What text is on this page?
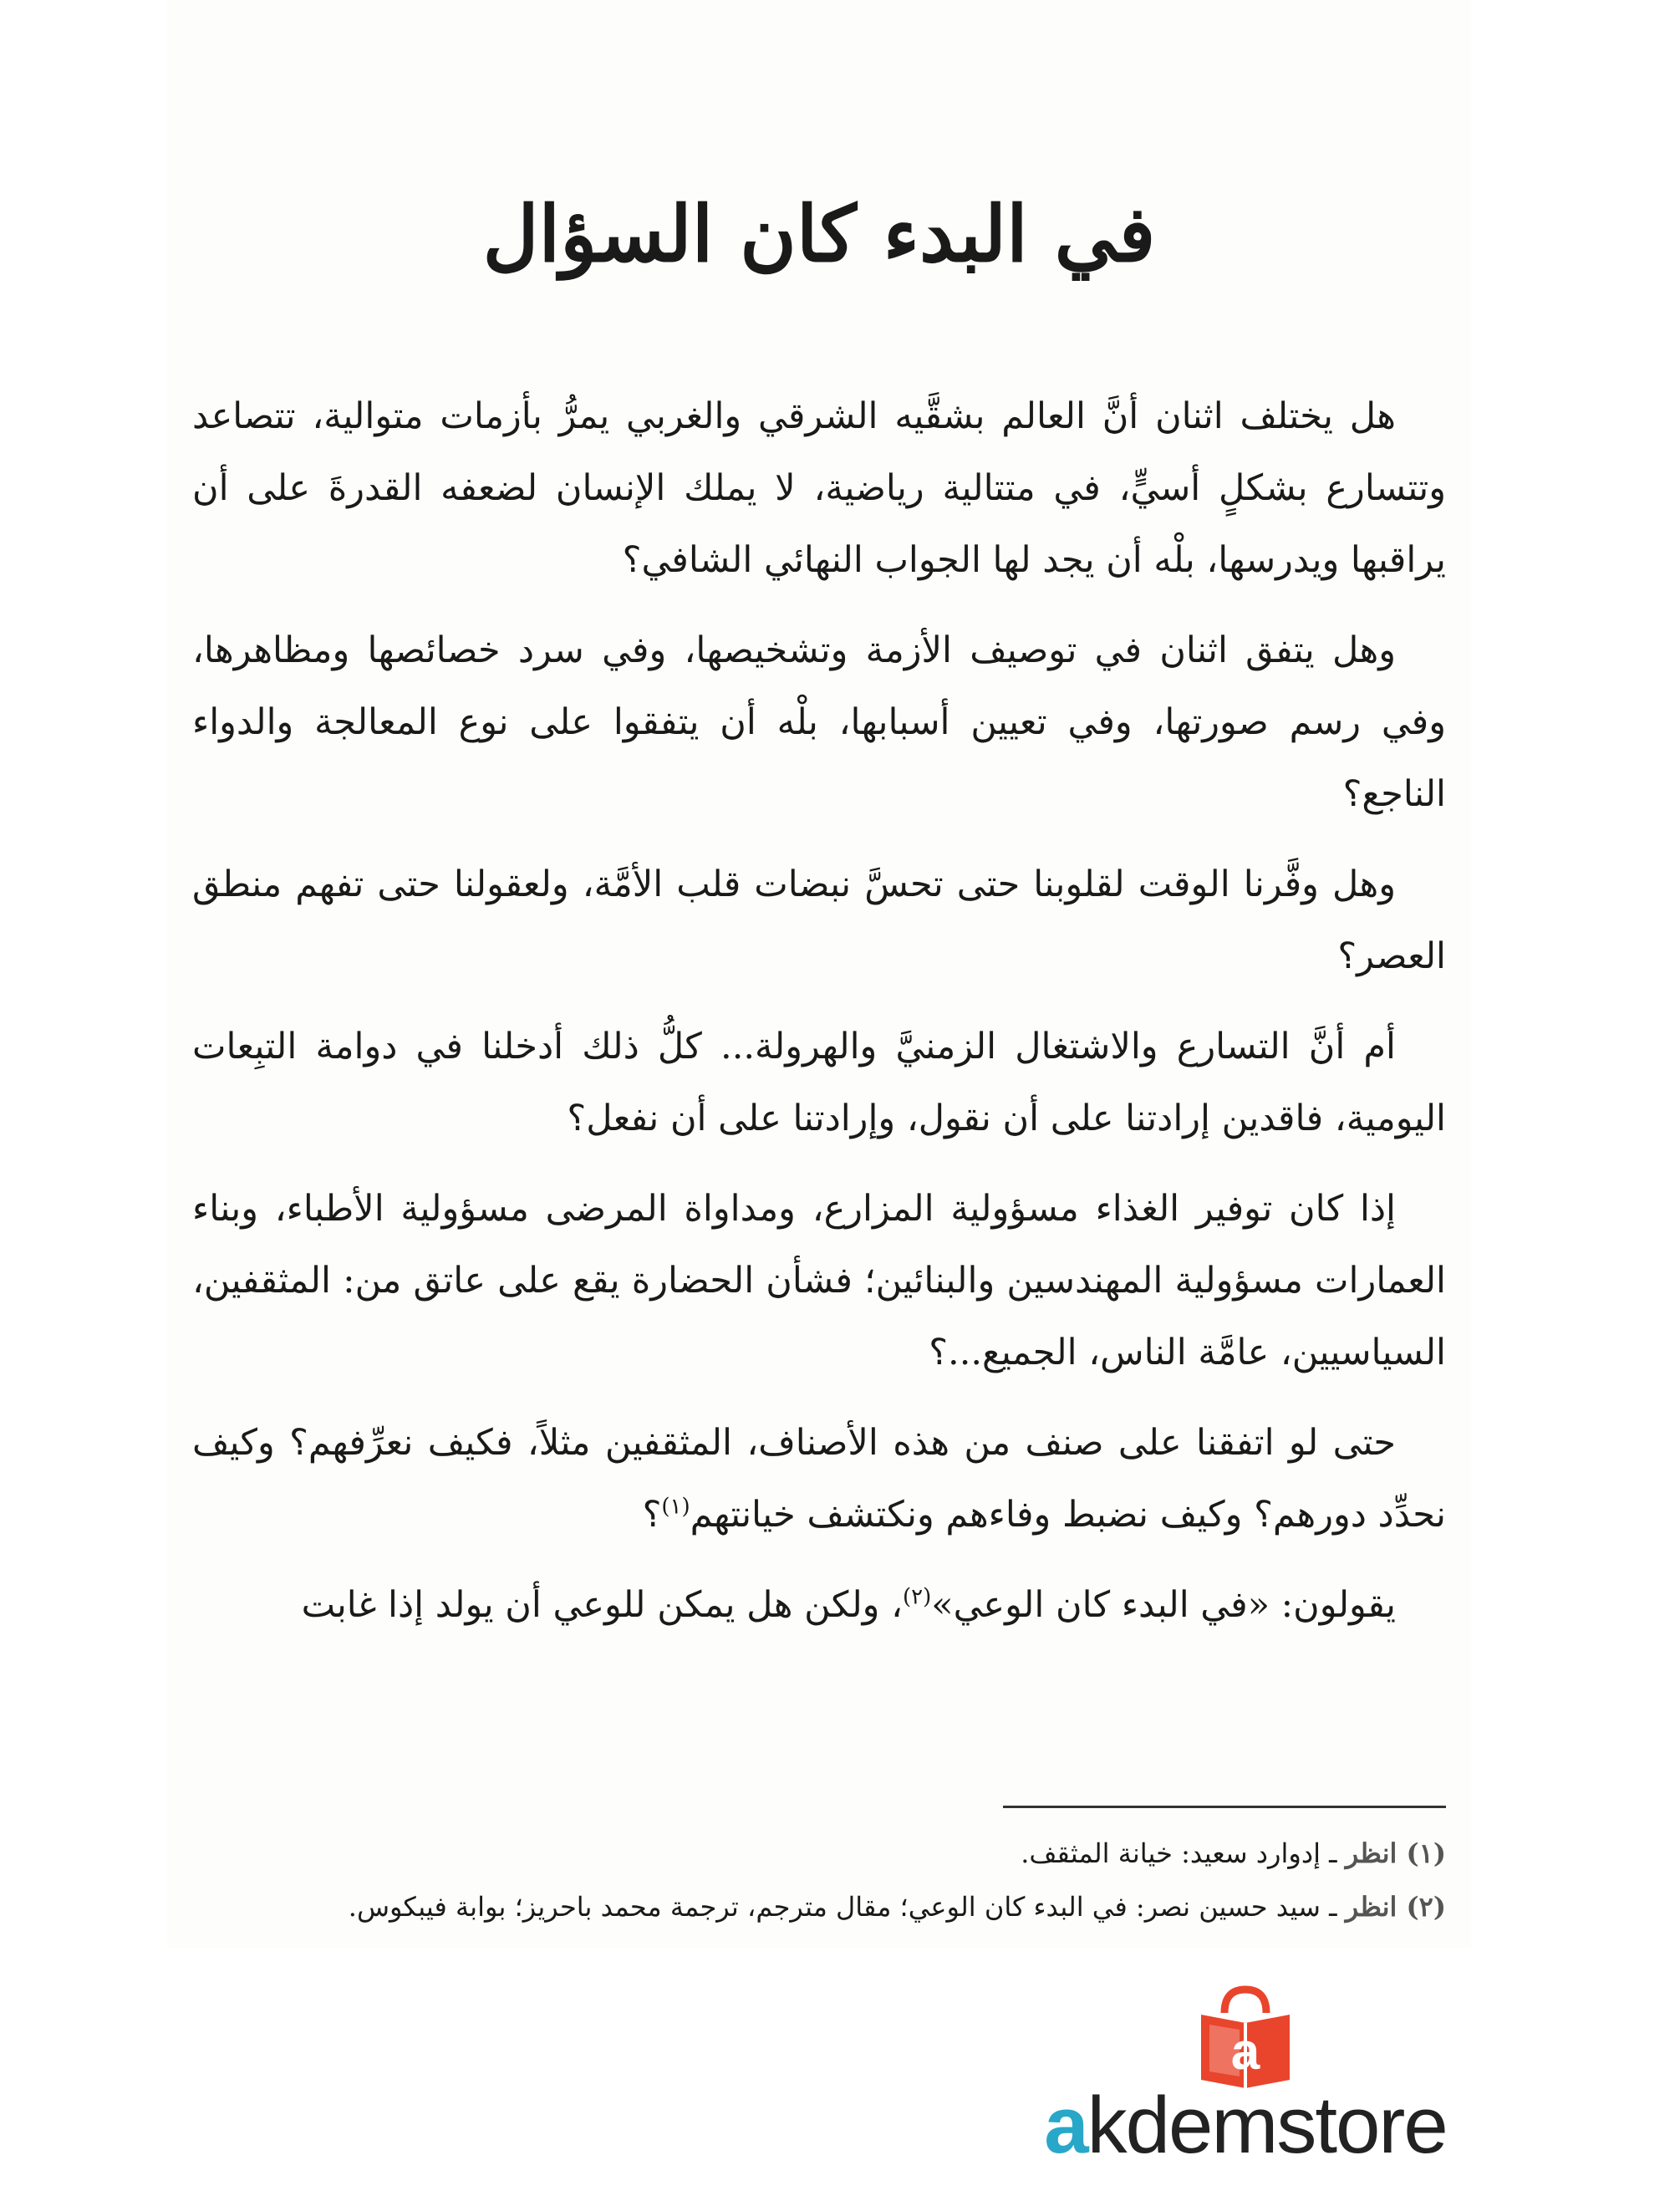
في البدء كان السؤال

هل يختلف اثنان أنَّ العالم بشقَّيه الشرقي والغربي يمرُّ بأزمات متوالية، تتصاعد وتتسارع بشكلٍ أسيٍّ، في متتالية رياضية، لا يملك الإنسان لضعفه القدرةَ على أن يراقبها ويدرسها، بلْه أن يجد لها الجواب النهائي الشافي؟

وهل يتفق اثنان في توصيف الأزمة وتشخيصها، وفي سرد خصائصها ومظاهرها، وفي رسم صورتها، وفي تعيين أسبابها، بلْه أن يتفقوا على نوع المعالجة والدواء الناجع؟

وهل وفَّرنا الوقت لقلوبنا حتى تحسَّ نبضات قلب الأمَّة، ولعقولنا حتى تفهم منطق العصر؟

أم أنَّ التسارع والاشتغال الزمنيَّ والهرولة... كلُّ ذلك أدخلنا في دوامة التبِعات اليومية، فاقدين إرادتنا على أن نقول، وإرادتنا على أن نفعل؟

إذا كان توفير الغذاء مسؤولية المزارع، ومداواة المرضى مسؤولية الأطباء، وبناء العمارات مسؤولية المهندسين والبنائين؛ فشأن الحضارة يقع على عاتق من: المثقفين، السياسيين، عامَّة الناس، الجميع...؟

حتى لو اتفقنا على صنف من هذه الأصناف، المثقفين مثلاً، فكيف نعرِّفهم؟ وكيف نحدِّد دورهم؟ وكيف نضبط وفاءهم ونكتشف خيانتهم$^{(١)}$؟

يقولون: «في البدء كان الوعي»$^{(٢)}$، ولكن هل يمكن للوعي أن يولد إذا غابت

(١) انظر ـ إدوارد سعيد: خيانة المثقف.

(٢) انظر ـ سيد حسين نصر: في البدء كان الوعي؛ مقال مترجم، ترجمة محمد باحريز؛ بوابة فيبكوس.

a
akdemstore
